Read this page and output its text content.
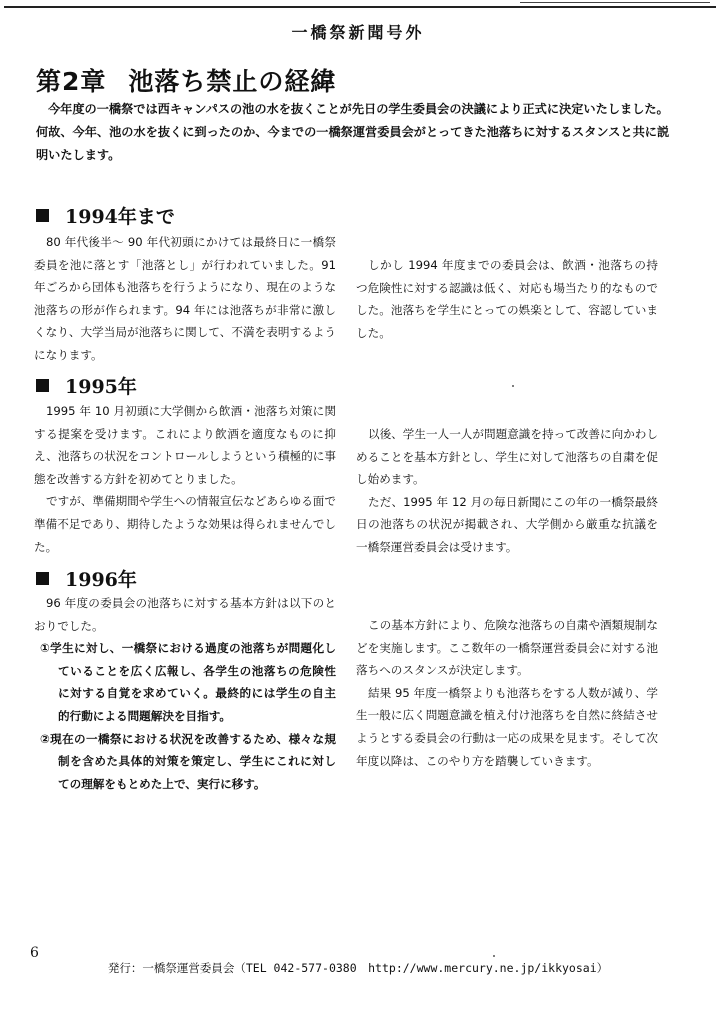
一橋祭新聞号外
第2章 池落ち禁止の経緯
今年度の一橋祭では西キャンパスの池の水を抜くことが先日の学生委員会の決議により正式に決定いたしました。何故、今年、池の水を抜くに到ったのか、今までの一橋祭運営委員会がとってきた池落ちに対するスタンスと共に説明いたします。
1994年まで

80 年代後半～ 90 年代初頭にかけては最終日に一橋祭委員を池に落とす「池落とし」が行われていました。91 年ごろから団体も池落ちを行うようになり、現在のような池落ちの形が作られます。94 年には池落ちが非常に激しくなり、大学当局が池落ちに関して、不満を表明するようになります。

しかし 1994 年度までの委員会は、飲酒・池落ちの持つ危険性に対する認識は低く、対応も場当たり的なものでした。池落ちを学生にとっての娯楽として、容認していました。

1995年

1995 年 10 月初頭に大学側から飲酒・池落ち対策に関する提案を受けます。これにより飲酒を適度なものに抑え、池落ちの状況をコントロールしようという積極的に事態を改善する方針を初めてとりました。

ですが、準備期間や学生への情報宣伝などあらゆる面で準備不足であり、期待したような効果は得られませんでした。

以後、学生一人一人が問題意識を持って改善に向かわしめることを基本方針とし、学生に対して池落ちの自粛を促し始めます。

ただ、1995 年 12 月の毎日新聞にこの年の一橋祭最終日の池落ちの状況が掲載され、大学側から厳重な抗議を一橋祭運営委員会は受けます。

1996年

96 年度の委員会の池落ちに対する基本方針は以下のとおりでした。

①学生に対し、一橋祭における過度の池落ちが問題化していることを広く広報し、各学生の池落ちの危険性に対する自覚を求めていく。最終的には学生の自主的行動による問題解決を目指す。
②現在の一橋祭における状況を改善するため、様々な規制を含めた具体的対策を策定し、学生にこれに対しての理解をもとめた上で、実行に移す。

この基本方針により、危険な池落ちの自粛や酒類規制などを実施します。ここ数年の一橋祭運営委員会に対する池落ちへのスタンスが決定します。

結果 95 年度一橋祭よりも池落ちをする人数が減り、学生一般に広く問題意識を植え付け池落ちを自然に終結させようとする委員会の行動は一応の成果を見ます。そして次年度以降は、このやり方を踏襲していきます。

6
発行：一橋祭運営委員会（TEL 042-577-0380　http://www.mercury.ne.jp/ikkyosai）
